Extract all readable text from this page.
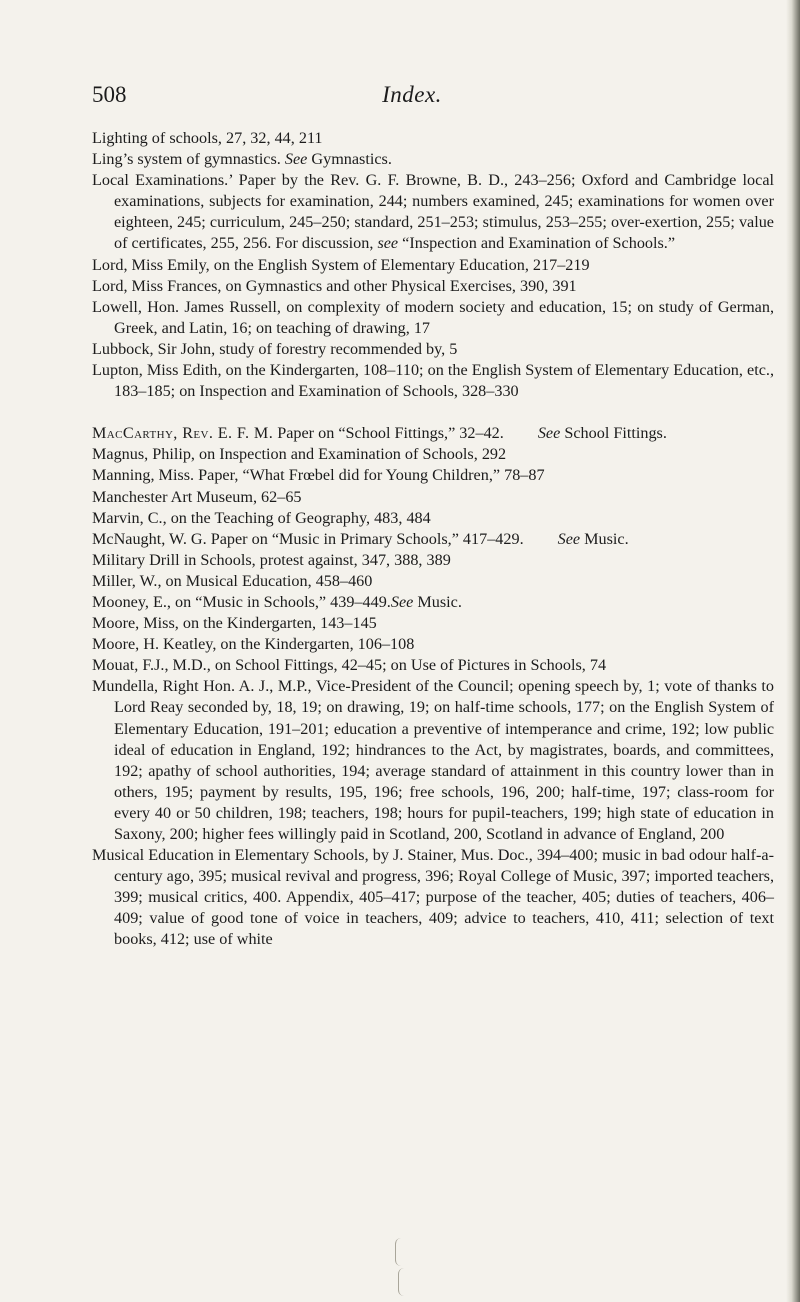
508	Index.
Lighting of schools, 27, 32, 44, 211
Ling’s system of gymnastics. See Gymnastics.
Local Examinations.’ Paper by the Rev. G. F. Browne, B. D., 243–256; Oxford and Cambridge local examinations, subjects for examination, 244; numbers examined, 245; examinations for women over eighteen, 245; curriculum, 245–250; standard, 251–253; stimulus, 253–255; over-exertion, 255; value of certificates, 255, 256. For discussion, see “Inspection and Examination of Schools.”
Lord, Miss Emily, on the English System of Elementary Education, 217–219
Lord, Miss Frances, on Gymnastics and other Physical Exercises, 390, 391
Lowell, Hon. James Russell, on complexity of modern society and education, 15; on study of German, Greek, and Latin, 16; on teaching of drawing, 17
Lubbock, Sir John, study of forestry recommended by, 5
Lupton, Miss Edith, on the Kindergarten, 108–110; on the English System of Elementary Education, etc., 183–185; on Inspection and Examination of Schools, 328–330
MacCarthy, Rev. E. F. M. Paper on “School Fittings,” 32–42. See School Fittings.
Magnus, Philip, on Inspection and Examination of Schools, 292
Manning, Miss. Paper, “What Frœbel did for Young Children,” 78–87
Manchester Art Museum, 62–65
Marvin, C., on the Teaching of Geography, 483, 484
McNaught, W. G. Paper on “Music in Primary Schools,” 417–429. See Music.
Military Drill in Schools, protest against, 347, 388, 389
Miller, W., on Musical Education, 458–460
Mooney, E., on “Music in Schools,” 439–449.See Music.
Moore, Miss, on the Kindergarten, 143–145
Moore, H. Keatley, on the Kindergarten, 106–108
Mouat, F.J., M.D., on School Fittings, 42–45; on Use of Pictures in Schools, 74
Mundella, Right Hon. A. J., M.P., Vice-President of the Council; opening speech by, 1; vote of thanks to Lord Reay seconded by, 18, 19; on drawing, 19; on half-time schools, 177; on the English System of Elementary Education, 191–201; education a preventive of intemperance and crime, 192; low public ideal of education in England, 192; hindrances to the Act, by magistrates, boards, and committees, 192; apathy of school authorities, 194; average standard of attainment in this country lower than in others, 195; payment by results, 195, 196; free schools, 196, 200; half-time, 197; class-room for every 40 or 50 children, 198; teachers, 198; hours for pupil-teachers, 199; high state of education in Saxony, 200; higher fees willingly paid in Scotland, 200, Scotland in advance of England, 200
Musical Education in Elementary Schools, by J. Stainer, Mus. Doc., 394–400; music in bad odour half-a-century ago, 395; musical revival and progress, 396; Royal College of Music, 397; imported teachers, 399; musical critics, 400. Appendix, 405–417; purpose of the teacher, 405; duties of teachers, 406–409; value of good tone of voice in teachers, 409; advice to teachers, 410, 411; selection of text books, 412; use of white
